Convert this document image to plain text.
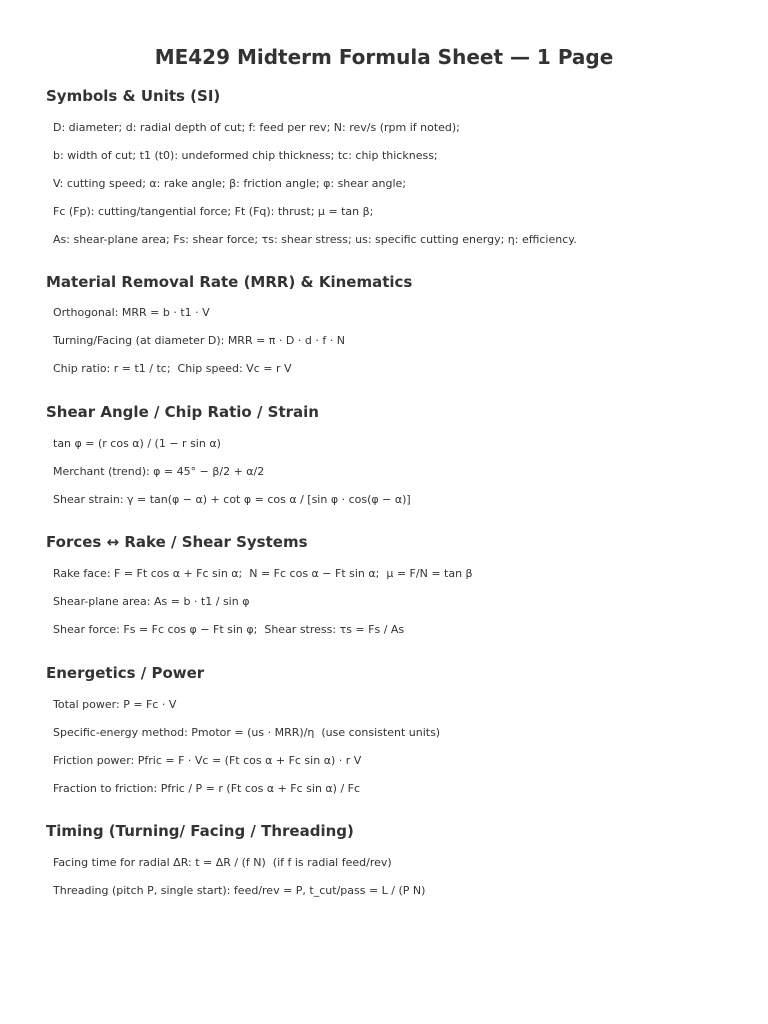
ME429 Midterm Formula Sheet — 1 Page
Symbols & Units (SI)
D: diameter; d: radial depth of cut; f: feed per rev; N: rev/s (rpm if noted);
b: width of cut; t1 (t0): undeformed chip thickness; tc: chip thickness;
V: cutting speed; α: rake angle; β: friction angle; φ: shear angle;
Fc (Fp): cutting/tangential force; Ft (Fq): thrust; μ = tan β;
As: shear-plane area; Fs: shear force; τs: shear stress; us: specific cutting energy; η: efficiency.
Material Removal Rate (MRR) & Kinematics
Orthogonal: MRR = b · t1 · V
Turning/Facing (at diameter D): MRR = π · D · d · f · N
Chip ratio: r = t1 / tc;  Chip speed: Vc = r V
Shear Angle / Chip Ratio / Strain
tan φ = (r cos α) / (1 − r sin α)
Merchant (trend): φ = 45° − β/2 + α/2
Shear strain: γ = tan(φ − α) + cot φ = cos α / [sin φ · cos(φ − α)]
Forces ↔ Rake / Shear Systems
Rake face: F = Ft cos α + Fc sin α;  N = Fc cos α − Ft sin α;  μ = F/N = tan β
Shear-plane area: As = b · t1 / sin φ
Shear force: Fs = Fc cos φ − Ft sin φ;  Shear stress: τs = Fs / As
Energetics / Power
Total power: P = Fc · V
Specific-energy method: Pmotor = (us · MRR)/η  (use consistent units)
Friction power: Pfric = F · Vc = (Ft cos α + Fc sin α) · r V
Fraction to friction: Pfric / P = r (Ft cos α + Fc sin α) / Fc
Timing (Turning/ Facing / Threading)
Facing time for radial ΔR: t = ΔR / (f N)  (if f is radial feed/rev)
Threading (pitch P, single start): feed/rev = P, t_cut/pass = L / (P N)
